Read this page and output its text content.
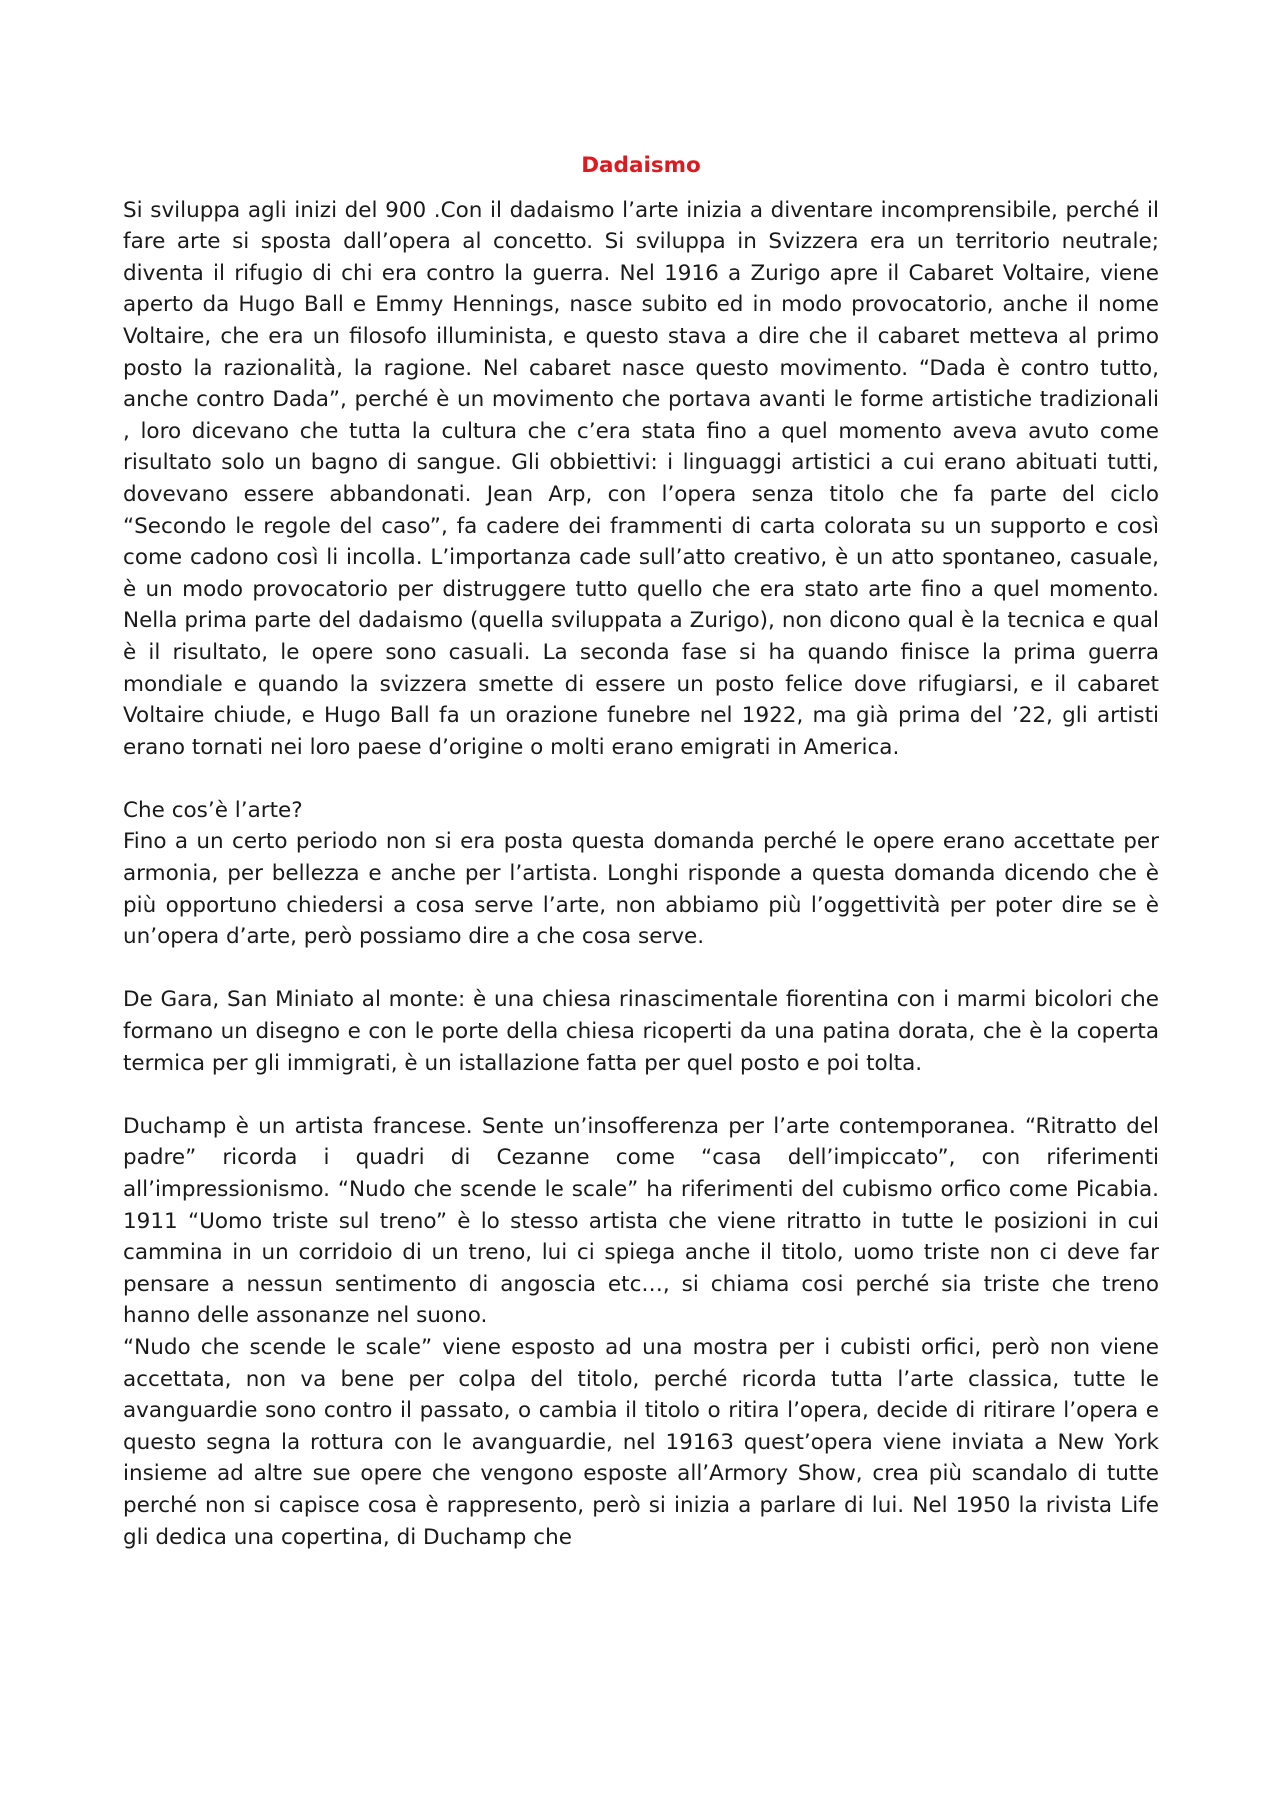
Dadaismo

Si sviluppa agli inizi del 900 .Con il dadaismo l’arte inizia a diventare incomprensibile, perché il fare arte si sposta dall’opera al concetto. Si sviluppa in Svizzera era un territorio neutrale; diventa il rifugio di chi era contro la guerra. Nel 1916 a Zurigo apre il Cabaret Voltaire, viene aperto da Hugo Ball e Emmy Hennings, nasce subito ed in modo provocatorio, anche il nome Voltaire, che era un filosofo illuminista, e questo stava a dire che il cabaret metteva al primo posto la razionalità, la ragione. Nel cabaret nasce questo movimento. “Dada è contro tutto, anche contro Dada”, perché è un movimento che portava avanti le forme artistiche tradizionali , loro dicevano che tutta la cultura che c’era stata fino a quel momento aveva avuto come risultato solo un bagno di sangue. Gli obbiettivi: i linguaggi artistici a cui erano abituati tutti, dovevano essere abbandonati. Jean Arp, con l’opera senza titolo che fa parte del ciclo “Secondo le regole del caso”, fa cadere dei frammenti di carta colorata su un supporto e così come cadono così li incolla. L’importanza cade sull’atto creativo, è un atto spontaneo, casuale, è un modo provocatorio per distruggere tutto quello che era stato arte fino a quel momento. Nella prima parte del dadaismo (quella sviluppata a Zurigo), non dicono qual è la tecnica e qual è il risultato, le opere sono casuali. La seconda fase si ha quando finisce la prima guerra mondiale e quando la svizzera smette di essere un posto felice dove rifugiarsi, e il cabaret Voltaire chiude, e Hugo Ball fa un orazione funebre nel 1922, ma già prima del ’22, gli artisti erano tornati nei loro paese d’origine o molti erano emigrati in America.

Che cos’è l’arte?

Fino a un certo periodo non si era posta questa domanda perché le opere erano accettate per armonia, per bellezza e anche per l’artista. Longhi risponde a questa domanda dicendo che è più opportuno chiedersi a cosa serve l’arte, non abbiamo più l’oggettività per poter dire se è un’opera d’arte, però possiamo dire a che cosa serve.

De Gara, San Miniato al monte: è una chiesa rinascimentale fiorentina con i marmi bicolori che formano un disegno e con le porte della chiesa ricoperti da una patina dorata, che è la coperta termica per gli immigrati, è un istallazione fatta per quel posto e poi tolta.

Duchamp è un artista francese. Sente un’insofferenza per l’arte contemporanea. “Ritratto del padre” ricorda i quadri di Cezanne come “casa dell’impiccato”, con riferimenti all’impressionismo. “Nudo che scende le scale” ha riferimenti del cubismo orfico come Picabia. 1911 “Uomo triste sul treno” è lo stesso artista che viene ritratto in tutte le posizioni in cui cammina in un corridoio di un treno, lui ci spiega anche il titolo, uomo triste non ci deve far pensare a nessun sentimento di angoscia etc…, si chiama cosi perché sia triste che treno hanno delle assonanze nel suono.

“Nudo che scende le scale” viene esposto ad una mostra per i cubisti orfici, però non viene accettata, non va bene per colpa del titolo, perché ricorda tutta l’arte classica, tutte le avanguardie sono contro il passato, o cambia il titolo o ritira l’opera, decide di ritirare l’opera e questo segna la rottura con le avanguardie, nel 19163 quest’opera viene inviata a New York insieme ad altre sue opere che vengono esposte all’Armory Show, crea più scandalo di tutte perché non si capisce cosa è rappresento, però si inizia a parlare di lui. Nel 1950 la rivista Life gli dedica una copertina, di Duchamp che
